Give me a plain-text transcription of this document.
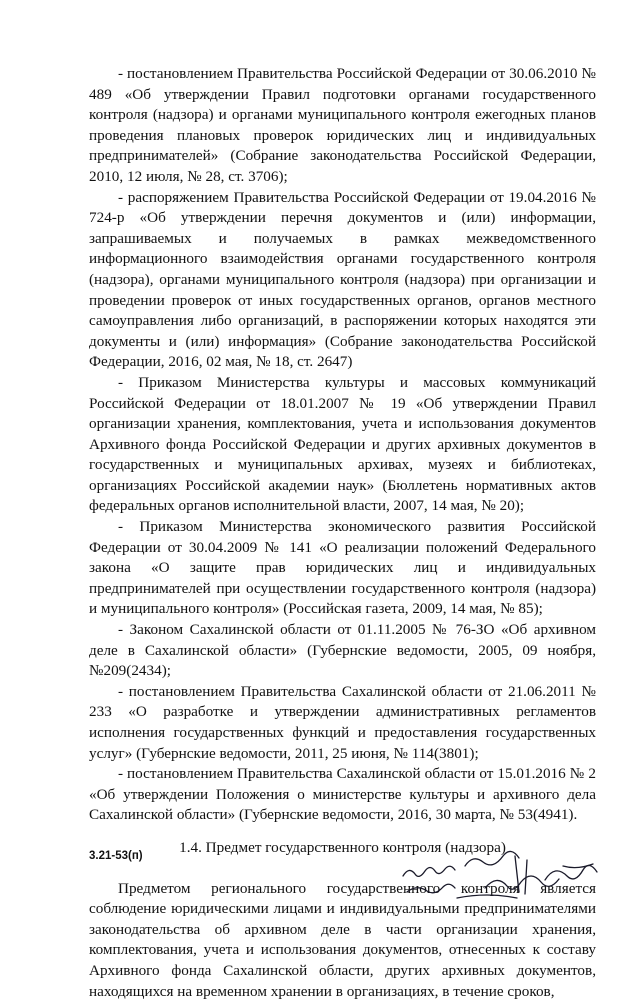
- постановлением Правительства Российской Федерации от 30.06.2010 № 489 «Об утверждении Правил подготовки органами государственного контроля (надзора) и органами муниципального контроля ежегодных планов проведения плановых проверок юридических лиц и индивидуальных предпринимателей» (Собрание законодательства Российской Федерации, 2010, 12 июля, № 28, ст. 3706);

- распоряжением Правительства Российской Федерации от 19.04.2016 № 724-р «Об утверждении перечня документов и (или) информации, запрашиваемых и получаемых в рамках межведомственного информационного взаимодействия органами государственного контроля (надзора), органами муниципального контроля (надзора) при организации и проведении проверок от иных государственных органов, органов местного самоуправления либо организаций, в распоряжении которых находятся эти документы и (или) информация» (Собрание законодательства Российской Федерации, 2016, 02 мая, № 18, ст. 2647)

- Приказом Министерства культуры и массовых коммуникаций Российской Федерации от 18.01.2007 № 19 «Об утверждении Правил организации хранения, комплектования, учета и использования документов Архивного фонда Российской Федерации и других архивных документов в государственных и муниципальных архивах, музеях и библиотеках, организациях Российской академии наук» (Бюллетень нормативных актов федеральных органов исполнительной власти, 2007, 14 мая, № 20);

- Приказом Министерства экономического развития Российской Федерации от 30.04.2009 № 141 «О реализации положений Федерального закона «О защите прав юридических лиц и индивидуальных предпринимателей при осуществлении государственного контроля (надзора) и муниципального контроля» (Российская газета, 2009, 14 мая, № 85);

- Законом Сахалинской области от 01.11.2005 № 76-ЗО «Об архивном деле в Сахалинской области» (Губернские ведомости, 2005, 09 ноября, №209(2434);

- постановлением Правительства Сахалинской области от 21.06.2011 № 233 «О разработке и утверждении административных регламентов исполнения государственных функций и предоставления государственных услуг» (Губернские ведомости, 2011, 25 июня, № 114(3801);

- постановлением Правительства Сахалинской области от 15.01.2016 № 2 «Об утверждении Положения о министерстве культуры и архивного дела Сахалинской области» (Губернские ведомости, 2016, 30 марта, № 53(4941).

1.4. Предмет государственного контроля (надзора)

Предметом регионального государственного контроля является соблюдение юридическими лицами и индивидуальными предпринимателями законодательства об архивном деле в части организации хранения, комплектования, учета и использования документов, отнесенных к составу Архивного фонда Сахалинской области, других архивных документов, находящихся на временном хранении в организациях, в течение сроков,

3.21-53(п)
